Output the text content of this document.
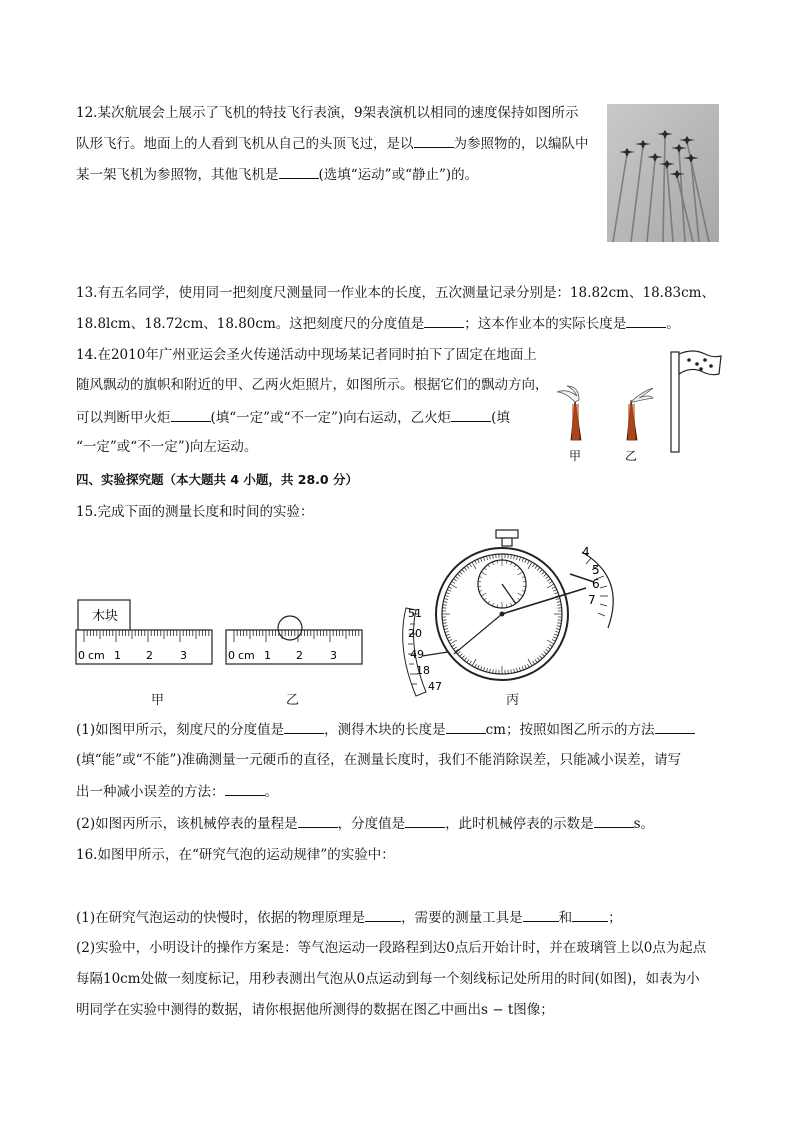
12.某次航展会上展示了飞机的特技飞行表演，9架表演机以相同的速度保持如图所示
队形飞行。地面上的人看到飞机从自己的头顶飞过，是以	为参照物的，以编队中
某一架飞机为参照物，其他飞机是	(选填“运动”或“静止”)的。
13.有五名同学，使用同一把刻度尺测量同一作业本的长度，五次测量记录分别是：18.82cm、18.83cm、
18.8lcm、18.72cm、18.80cm。这把刻度尺的分度值是	；这本作业本的实际长度是	。
14.在2010年广州亚运会圣火传递活动中现场某记者同时拍下了固定在地面上
随风飘动的旗帜和附近的甲、乙两火炬照片，如图所示。根据它们的飘动方向，
可以判断甲火炬	(填“一定”或“不一定”)向右运动，乙火炬	(填
“一定”或“不一定”)向左运动。
甲	乙
四、实验探究题（本大题共 4 小题，共 28.0 分）
15.完成下面的测量长度和时间的实验：
木块
0 cm 1 2 3	0 cm 1 2 3
51
20
49
18
47
4
5
6
7
甲	乙	丙
(1)如图甲所示，刻度尺的分度值是	，测得木块的长度是	cm；按照如图乙所示的方法
(填“能”或“不能”)准确测量一元硬币的直径，在测量长度时，我们不能消除误差，只能减小误差，请写
出一种减小误差的方法：	。
(2)如图丙所示，该机械停表的量程是	，分度值是	，此时机械停表的示数是	s。
16.如图甲所示，在“研究气泡的运动规律”的实验中：
(1)在研究气泡运动的快慢时，依据的物理原理是	，需要的测量工具是	和	；
(2)实验中，小明设计的操作方案是：等气泡运动一段路程到达0点后开始计时，并在玻璃管上以0点为起点
每隔10cm处做一刻度标记，用秒表测出气泡从0点运动到每一个刻线标记处所用的时间(如图)，如表为小
明同学在实验中测得的数据，请你根据他所测得的数据在图乙中画出s − t图像；
